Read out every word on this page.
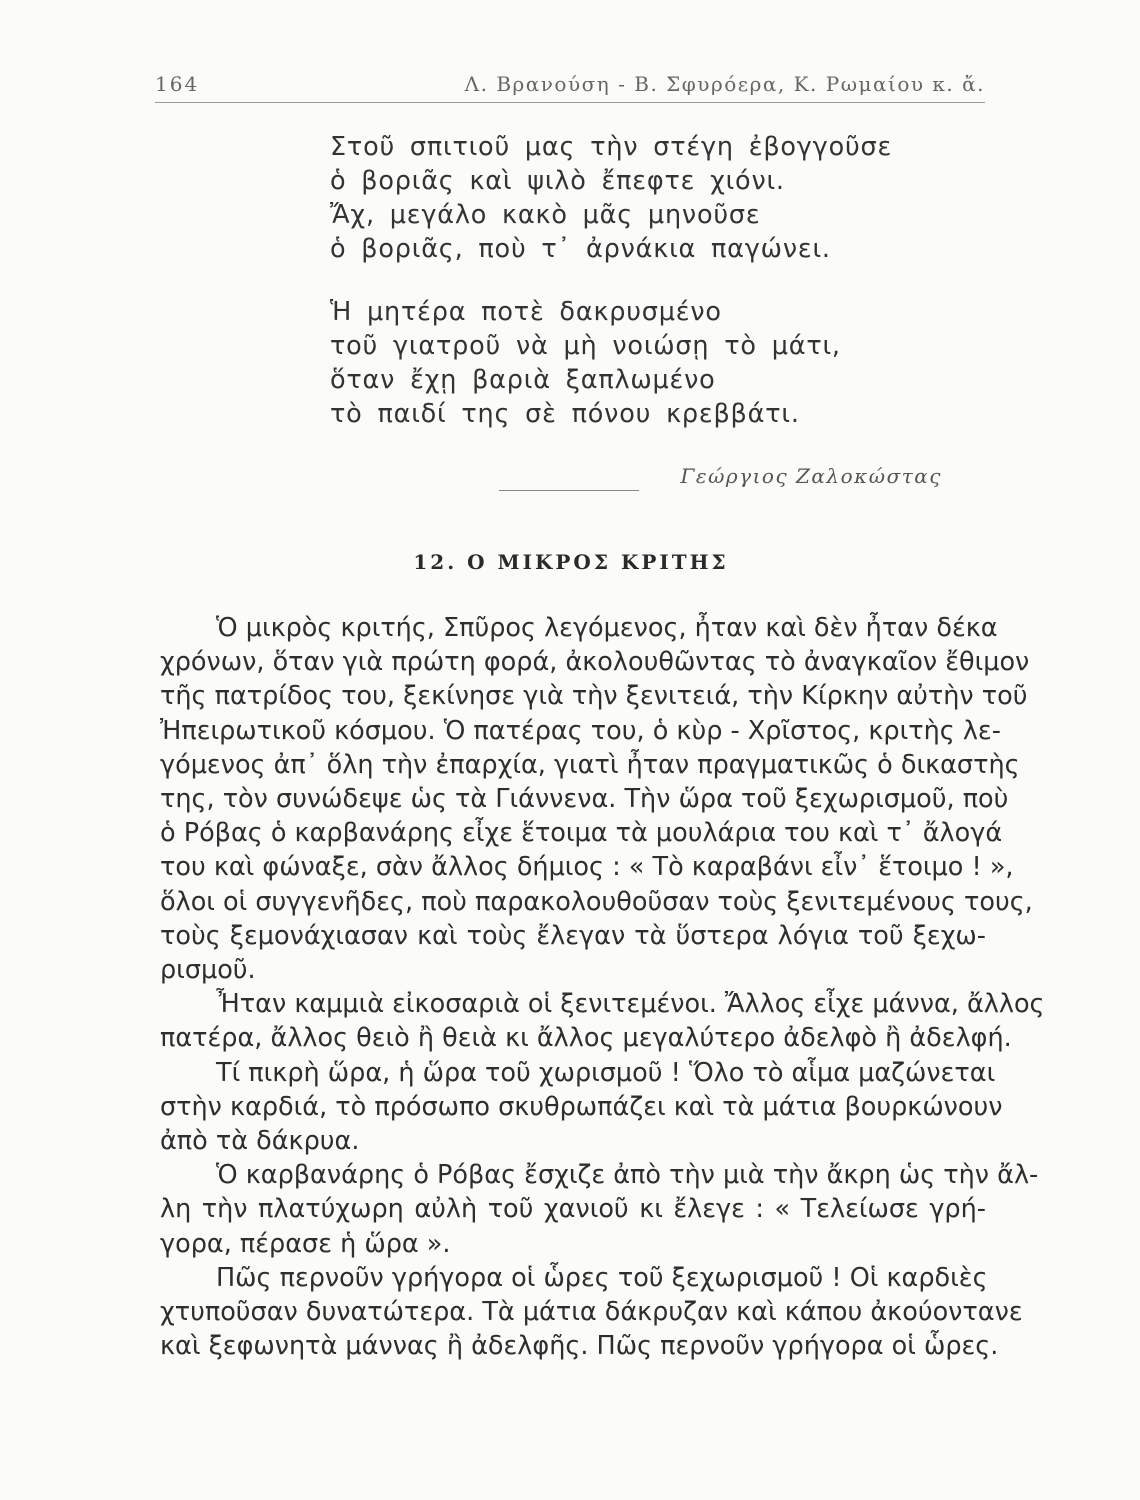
164	Λ. Βρανούση - Β. Σφυρόερα, Κ. Ρωμαίου κ. ἄ.
Στοῦ σπιτιοῦ μας τὴν στέγη ἐβογγοῦσε
ὁ βοριᾶς καὶ ψιλὸ ἔπεφτε χιόνι.
Ἄχ, μεγάλο κακὸ μᾶς μηνοῦσε
ὁ βοριᾶς, ποὺ τ᾽ ἀρνάκια παγώνει.
Ἡ μητέρα ποτὲ δακρυσμένο
τοῦ γιατροῦ νὰ μὴ νοιώσῃ τὸ μάτι,
ὅταν ἔχῃ βαριὰ ξαπλωμένο
τὸ παιδί της σὲ πόνου κρεββάτι.
Γεώργιος Ζαλοκώστας
12. Ο ΜΙΚΡΟΣ ΚΡΙΤΗΣ
Ὁ μικρὸς κριτής, Σπῦρος λεγόμενος, ἦταν καὶ δὲν ἦταν δέκα
χρόνων, ὅταν γιὰ πρώτη φορά, ἀκολουθῶντας τὸ ἀναγκαῖον ἔθιμον
τῆς πατρίδος του, ξεκίνησε γιὰ τὴν ξενιτειά, τὴν Κίρκην αὐτὴν τοῦ
Ἠπειρωτικοῦ κόσμου. Ὁ πατέρας του, ὁ κὺρ - Χρῖστος, κριτὴς λε-
γόμενος ἀπ᾽ ὅλη τὴν ἐπαρχία, γιατὶ ἦταν πραγματικῶς ὁ δικαστὴς
της, τὸν συνώδεψε ὡς τὰ Γιάννενα. Τὴν ὥρα τοῦ ξεχωρισμοῦ, ποὺ
ὁ Ρόβας ὁ καρβανάρης εἶχε ἕτοιμα τὰ μουλάρια του καὶ τ᾽ ἄλογά
του καὶ φώναξε, σὰν ἄλλος δήμιος : « Τὸ καραβάνι εἶν᾽ ἕτοιμο ! »,
ὅλοι οἱ συγγενῆδες, ποὺ παρακολουθοῦσαν τοὺς ξενιτεμένους τους,
τοὺς ξεμονάχιασαν καὶ τοὺς ἔλεγαν τὰ ὕστερα λόγια τοῦ ξεχω-
ρισμοῦ.
Ἦταν καμμιὰ εἰκοσαριὰ οἱ ξενιτεμένοι. Ἄλλος εἶχε μάννα, ἄλλος
πατέρα, ἄλλος θειὸ ἢ θειὰ κι ἄλλος μεγαλύτερο ἀδελφὸ ἢ ἀδελφή.
Τί πικρὴ ὥρα, ἡ ὥρα τοῦ χωρισμοῦ ! Ὅλο τὸ αἷμα μαζώνεται
στὴν καρδιά, τὸ πρόσωπο σκυθρωπάζει καὶ τὰ μάτια βουρκώνουν
ἀπὸ τὰ δάκρυα.
Ὁ καρβανάρης ὁ Ρόβας ἔσχιζε ἀπὸ τὴν μιὰ τὴν ἄκρη ὡς τὴν ἄλ-
λη τὴν πλατύχωρη αὐλὴ τοῦ χανιοῦ κι ἔλεγε : « Τελείωσε γρή-
γορα, πέρασε ἡ ὥρα ».
Πῶς περνοῦν γρήγορα οἱ ὧρες τοῦ ξεχωρισμοῦ ! Οἱ καρδιὲς
χτυποῦσαν δυνατώτερα. Τὰ μάτια δάκρυζαν καὶ κάπου ἀκούοντανε
καὶ ξεφωνητὰ μάννας ἢ ἀδελφῆς. Πῶς περνοῦν γρήγορα οἱ ὧρες.
